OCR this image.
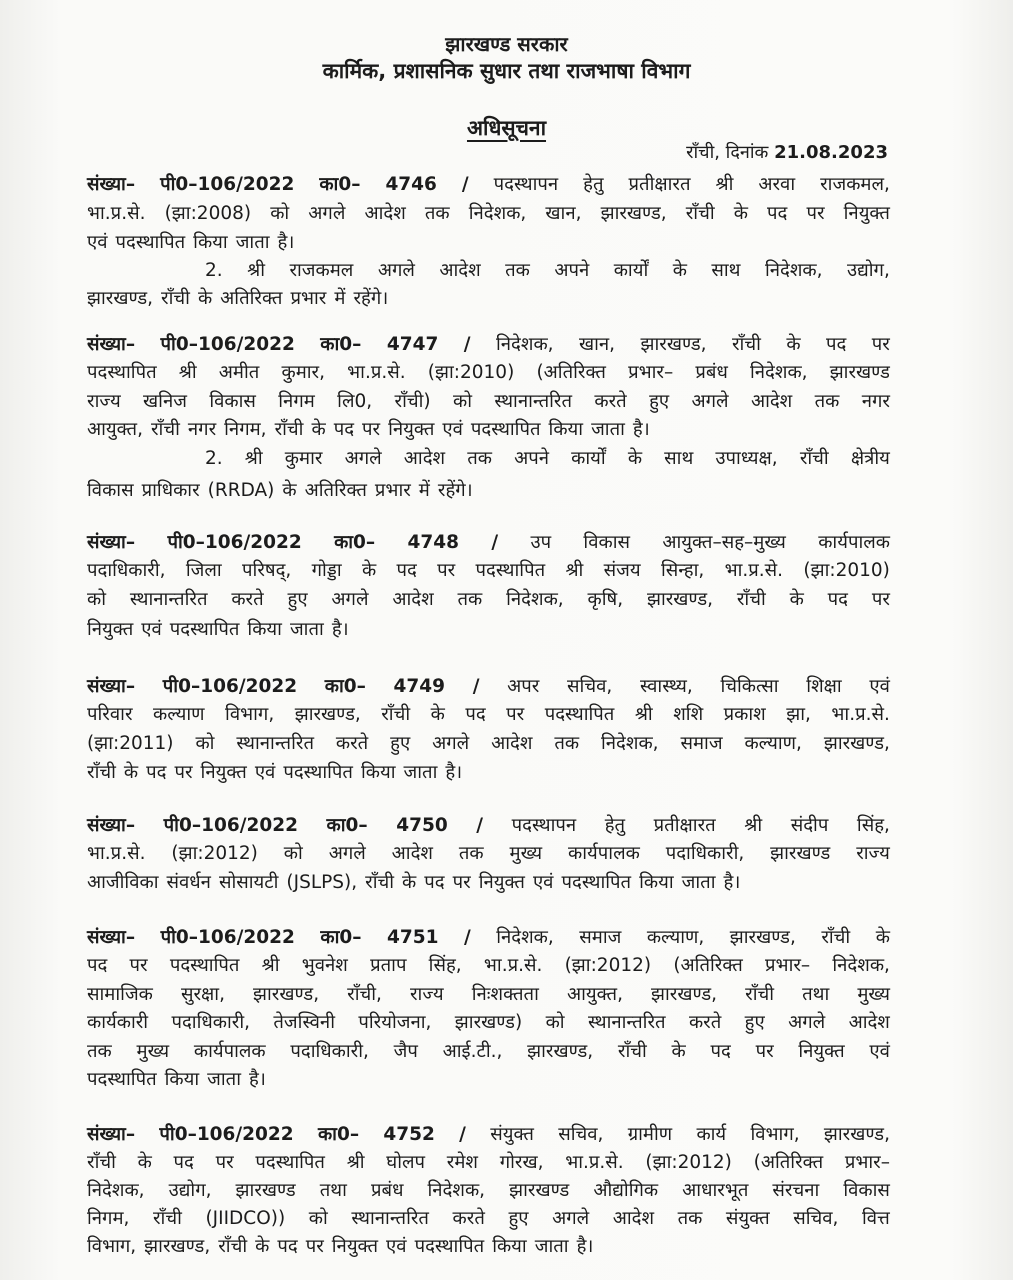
झारखण्ड सरकार
कार्मिक, प्रशासनिक सुधार तथा राजभाषा विभाग
अधिसूचना
राँची, दिनांक 21.08.2023
संख्या– पी0–106/2022 का0– 4746 / पदस्थापन हेतु प्रतीक्षारत श्री अरवा राजकमल,
भा.प्र.से. (झा:2008) को अगले आदेश तक निदेशक, खान, झारखण्ड, राँची के पद पर नियुक्त
एवं पदस्थापित किया जाता है।
2. श्री राजकमल अगले आदेश तक अपने कार्यों के साथ निदेशक, उद्योग,
झारखण्ड, राँची के अतिरिक्त प्रभार में रहेंगे।
संख्या– पी0–106/2022 का0– 4747 / निदेशक, खान, झारखण्ड, राँची के पद पर
पदस्थापित श्री अमीत कुमार, भा.प्र.से. (झा:2010) (अतिरिक्त प्रभार– प्रबंध निदेशक, झारखण्ड
राज्य खनिज विकास निगम लि0, राँची) को स्थानान्तरित करते हुए अगले आदेश तक नगर
आयुक्त, राँची नगर निगम, राँची के पद पर नियुक्त एवं पदस्थापित किया जाता है।
2. श्री कुमार अगले आदेश तक अपने कार्यों के साथ उपाध्यक्ष, राँची क्षेत्रीय
विकास प्राधिकार (RRDA) के अतिरिक्त प्रभार में रहेंगे।
संख्या– पी0–106/2022 का0– 4748 / उप विकास आयुक्त–सह–मुख्य कार्यपालक
पदाधिकारी, जिला परिषद्, गोड्डा के पद पर पदस्थापित श्री संजय सिन्हा, भा.प्र.से. (झा:2010)
को स्थानान्तरित करते हुए अगले आदेश तक निदेशक, कृषि, झारखण्ड, राँची के पद पर
नियुक्त एवं पदस्थापित किया जाता है।
संख्या– पी0–106/2022 का0– 4749 / अपर सचिव, स्वास्थ्य, चिकित्सा शिक्षा एवं
परिवार कल्याण विभाग, झारखण्ड, राँची के पद पर पदस्थापित श्री शशि प्रकाश झा, भा.प्र.से.
(झा:2011) को स्थानान्तरित करते हुए अगले आदेश तक निदेशक, समाज कल्याण, झारखण्ड,
राँची के पद पर नियुक्त एवं पदस्थापित किया जाता है।
संख्या– पी0–106/2022 का0– 4750 / पदस्थापन हेतु प्रतीक्षारत श्री संदीप सिंह,
भा.प्र.से. (झा:2012) को अगले आदेश तक मुख्य कार्यपालक पदाधिकारी, झारखण्ड राज्य
आजीविका संवर्धन सोसायटी (JSLPS), राँची के पद पर नियुक्त एवं पदस्थापित किया जाता है।
संख्या– पी0–106/2022 का0– 4751 / निदेशक, समाज कल्याण, झारखण्ड, राँची के
पद पर पदस्थापित श्री भुवनेश प्रताप सिंह, भा.प्र.से. (झा:2012) (अतिरिक्त प्रभार– निदेशक,
सामाजिक सुरक्षा, झारखण्ड, राँची, राज्य निःशक्तता आयुक्त, झारखण्ड, राँची तथा मुख्य
कार्यकारी पदाधिकारी, तेजस्विनी परियोजना, झारखण्ड) को स्थानान्तरित करते हुए अगले आदेश
तक मुख्य कार्यपालक पदाधिकारी, जैप आई.टी., झारखण्ड, राँची के पद पर नियुक्त एवं
पदस्थापित किया जाता है।
संख्या– पी0–106/2022 का0– 4752 / संयुक्त सचिव, ग्रामीण कार्य विभाग, झारखण्ड,
राँची के पद पर पदस्थापित श्री घोलप रमेश गोरख, भा.प्र.से. (झा:2012) (अतिरिक्त प्रभार–
निदेशक, उद्योग, झारखण्ड तथा प्रबंध निदेशक, झारखण्ड औद्योगिक आधारभूत संरचना विकास
निगम, राँची (JIIDCO)) को स्थानान्तरित करते हुए अगले आदेश तक संयुक्त सचिव, वित्त
विभाग, झारखण्ड, राँची के पद पर नियुक्त एवं पदस्थापित किया जाता है।
